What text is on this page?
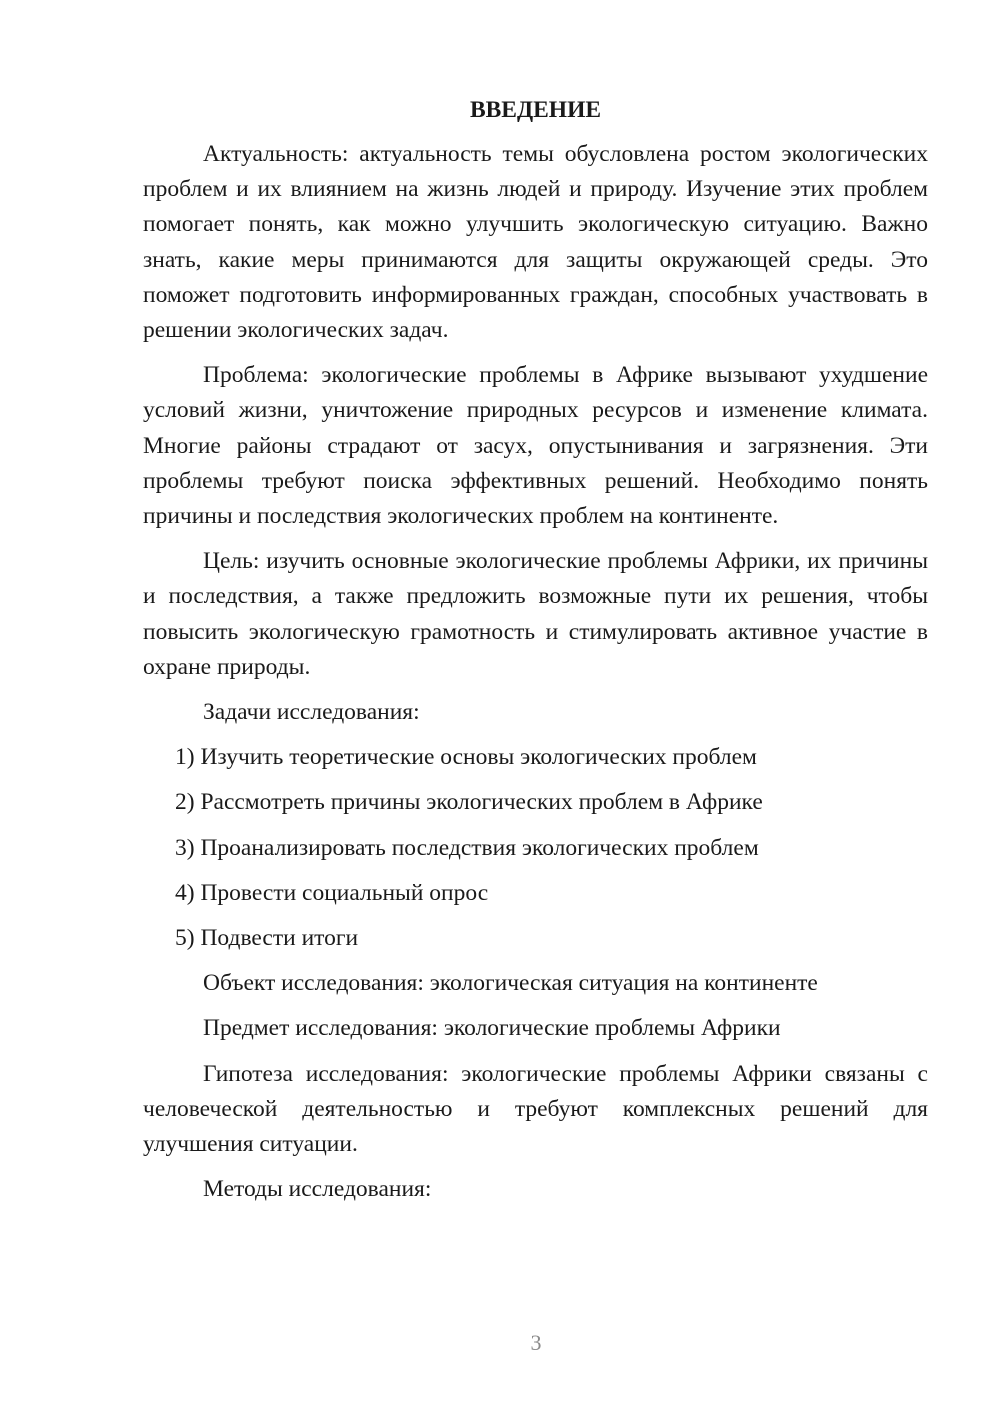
ВВЕДЕНИЕ

Актуальность: актуальность темы обусловлена ростом экологических проблем и их влиянием на жизнь людей и природу. Изучение этих проблем помогает понять, как можно улучшить экологическую ситуацию. Важно знать, какие меры принимаются для защиты окружающей среды. Это поможет подготовить информированных граждан, способных участвовать в решении экологических задач.

Проблема: экологические проблемы в Африке вызывают ухудшение условий жизни, уничтожение природных ресурсов и изменение климата. Многие районы страдают от засух, опустынивания и загрязнения. Эти проблемы требуют поиска эффективных решений. Необходимо понять причины и последствия экологических проблем на континенте.

Цель: изучить основные экологические проблемы Африки, их причины и последствия, а также предложить возможные пути их решения, чтобы повысить экологическую грамотность и стимулировать активное участие в охране природы.

Задачи исследования:

1) Изучить теоретические основы экологических проблем
2) Рассмотреть причины экологических проблем в Африке
3) Проанализировать последствия экологических проблем
4) Провести социальный опрос
5) Подвести итоги

Объект исследования: экологическая ситуация на континенте

Предмет исследования: экологические проблемы Африки

Гипотеза исследования: экологические проблемы Африки связаны с человеческой деятельностью и требуют комплексных решений для улучшения ситуации.

Методы исследования:

3
